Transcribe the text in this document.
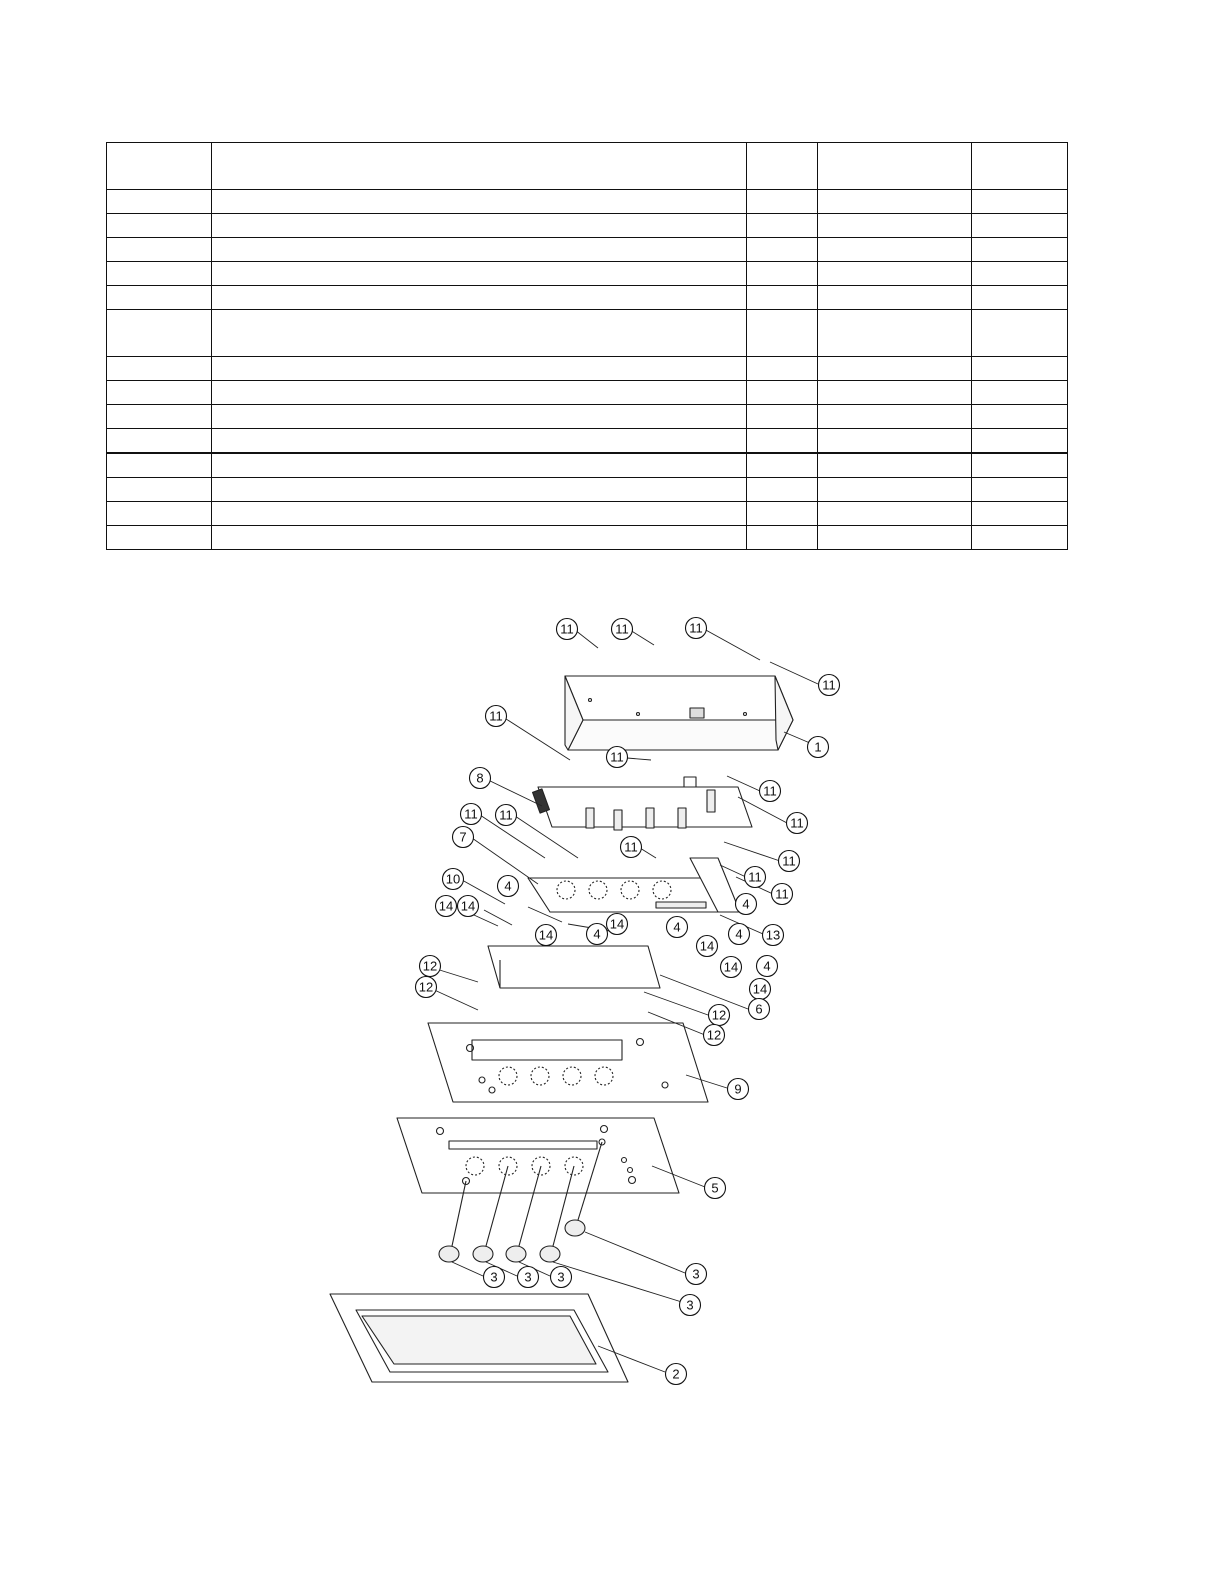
11	11	11
11
1
11
11
8
11
11
11 11
11
11
11
11
7
10	4
4
4	4	4
4
13
14 14
14
14
14
14
14
12
12
12
12
6
9
5
3 3 3	3
3
2
